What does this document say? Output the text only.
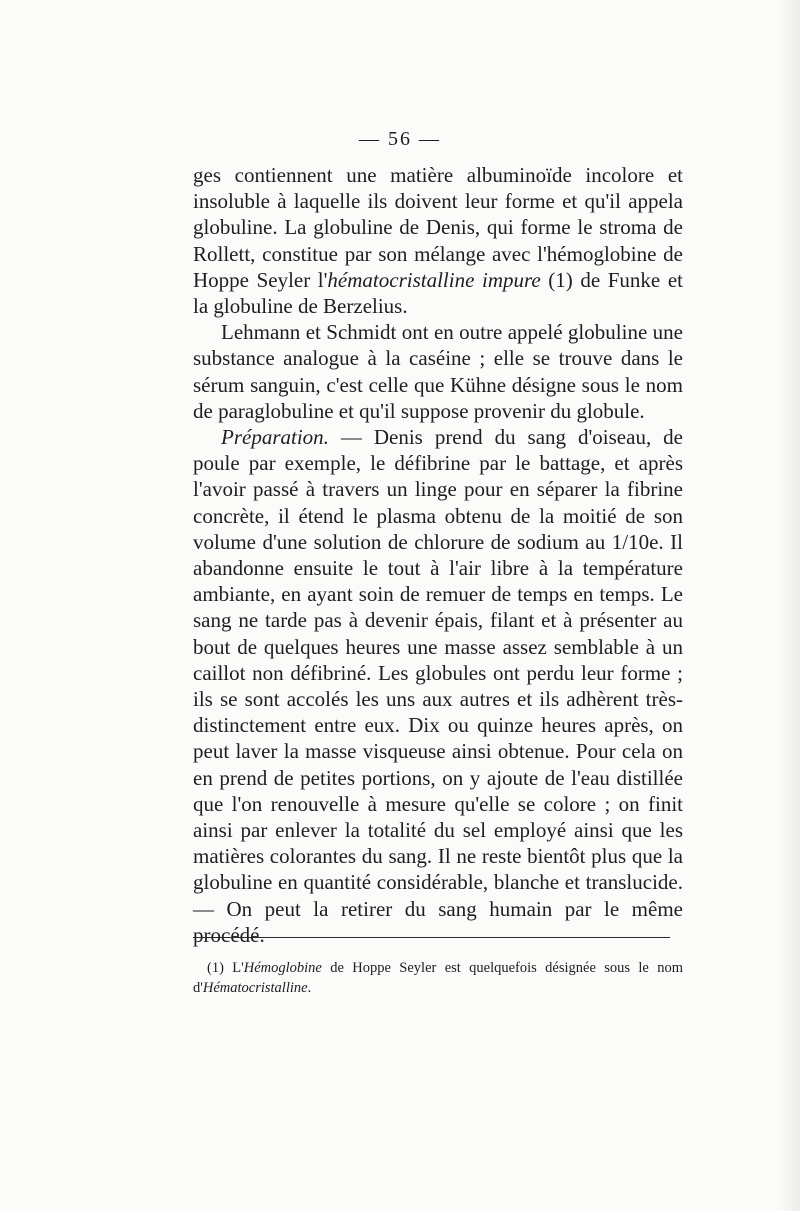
— 56 —

ges contiennent une matière albuminoïde incolore et insoluble à laquelle ils doivent leur forme et qu'il appela globuline. La globuline de Denis, qui forme le stroma de Rollett, constitue par son mélange avec l'hémoglobine de Hoppe Seyler l'hématocristalline impure (1) de Funke et la globuline de Berzelius.

Lehmann et Schmidt ont en outre appelé globuline une substance analogue à la caséine ; elle se trouve dans le sérum sanguin, c'est celle que Kühne désigne sous le nom de paraglobuline et qu'il suppose provenir du globule.

Préparation. — Denis prend du sang d'oiseau, de poule par exemple, le défibrine par le battage, et après l'avoir passé à travers un linge pour en séparer la fibrine concrète, il étend le plasma obtenu de la moitié de son volume d'une solution de chlorure de sodium au 1/10e. Il abandonne ensuite le tout à l'air libre à la température ambiante, en ayant soin de remuer de temps en temps. Le sang ne tarde pas à devenir épais, filant et à présenter au bout de quelques heures une masse assez semblable à un caillot non défibriné. Les globules ont perdu leur forme ; ils se sont accolés les uns aux autres et ils adhèrent très-distinctement entre eux. Dix ou quinze heures après, on peut laver la masse visqueuse ainsi obtenue. Pour cela on en prend de petites portions, on y ajoute de l'eau distillée que l'on renouvelle à mesure qu'elle se colore ; on finit ainsi par enlever la totalité du sel employé ainsi que les matières colorantes du sang. Il ne reste bientôt plus que la globuline en quantité considérable, blanche et translucide. — On peut la retirer du sang humain par le même procédé.

(1) L'Hémoglobine de Hoppe Seyler est quelquefois désignée sous le nom d'Hématocristalline.
